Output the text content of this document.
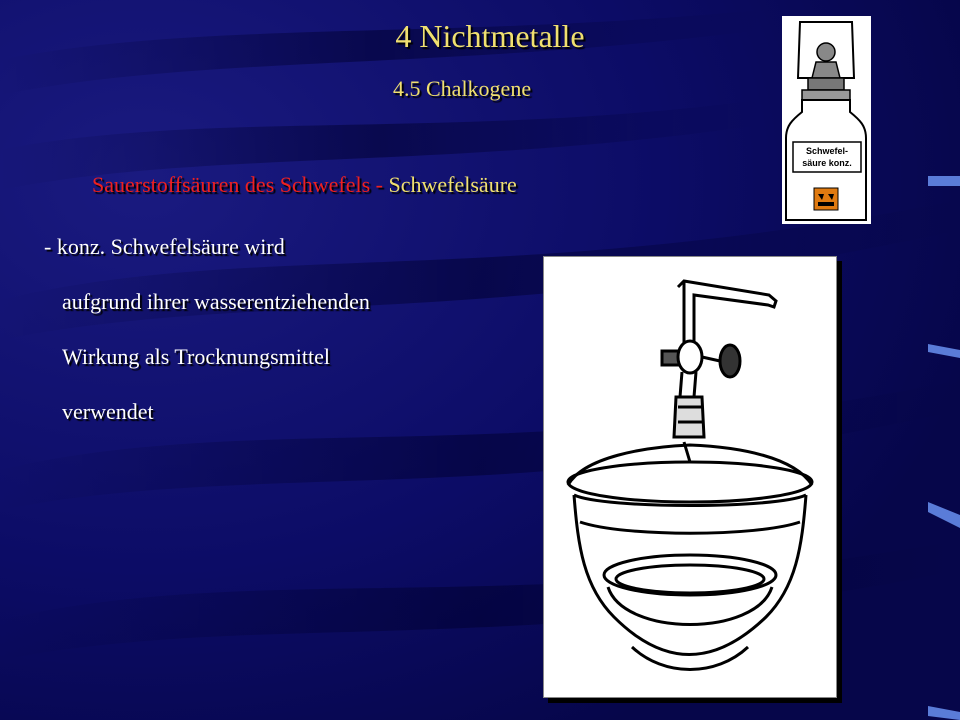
4 Nichtmetalle
4.5 Chalkogene
Sauerstoffsäuren des Schwefels - Schwefelsäure
- konz. Schwefelsäure wird
aufgrund ihrer wasserentziehenden
Wirkung als Trocknungsmittel
verwendet
Schwefel-
säure konz.
